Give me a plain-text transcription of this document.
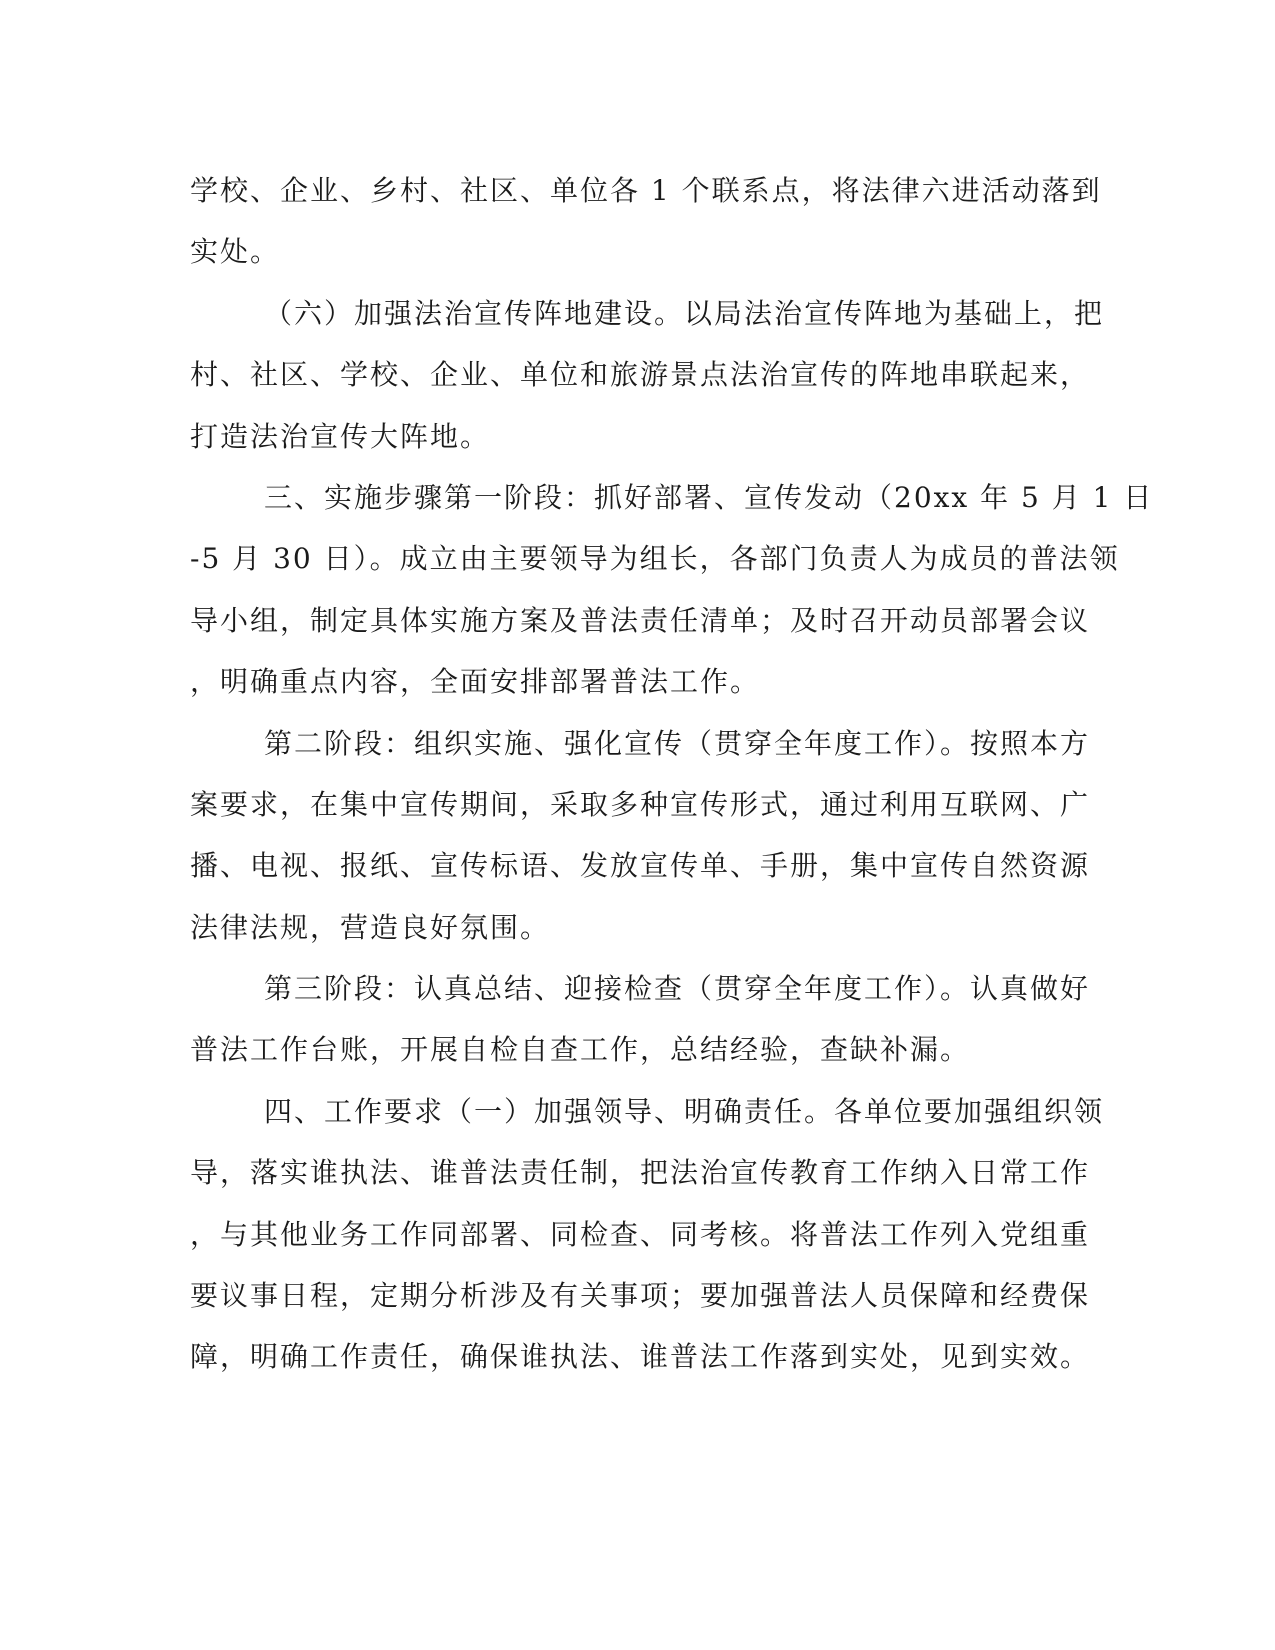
学校、企业、乡村、社区、单位各 1 个联系点，将法律六进活动落到
实处。
（六）加强法治宣传阵地建设。以局法治宣传阵地为基础上，把
村、社区、学校、企业、单位和旅游景点法治宣传的阵地串联起来，
打造法治宣传大阵地。
三、实施步骤第一阶段：抓好部署、宣传发动（20xx 年 5 月 1 日
-5 月 30 日）。成立由主要领导为组长，各部门负责人为成员的普法领
导小组，制定具体实施方案及普法责任清单；及时召开动员部署会议
，明确重点内容，全面安排部署普法工作。
第二阶段：组织实施、强化宣传（贯穿全年度工作）。按照本方
案要求，在集中宣传期间，采取多种宣传形式，通过利用互联网、广
播、电视、报纸、宣传标语、发放宣传单、手册，集中宣传自然资源
法律法规，营造良好氛围。
第三阶段：认真总结、迎接检查（贯穿全年度工作）。认真做好
普法工作台账，开展自检自查工作，总结经验，查缺补漏。
四、工作要求（一）加强领导、明确责任。各单位要加强组织领
导，落实谁执法、谁普法责任制，把法治宣传教育工作纳入日常工作
，与其他业务工作同部署、同检查、同考核。将普法工作列入党组重
要议事日程，定期分析涉及有关事项；要加强普法人员保障和经费保
障，明确工作责任，确保谁执法、谁普法工作落到实处，见到实效。
